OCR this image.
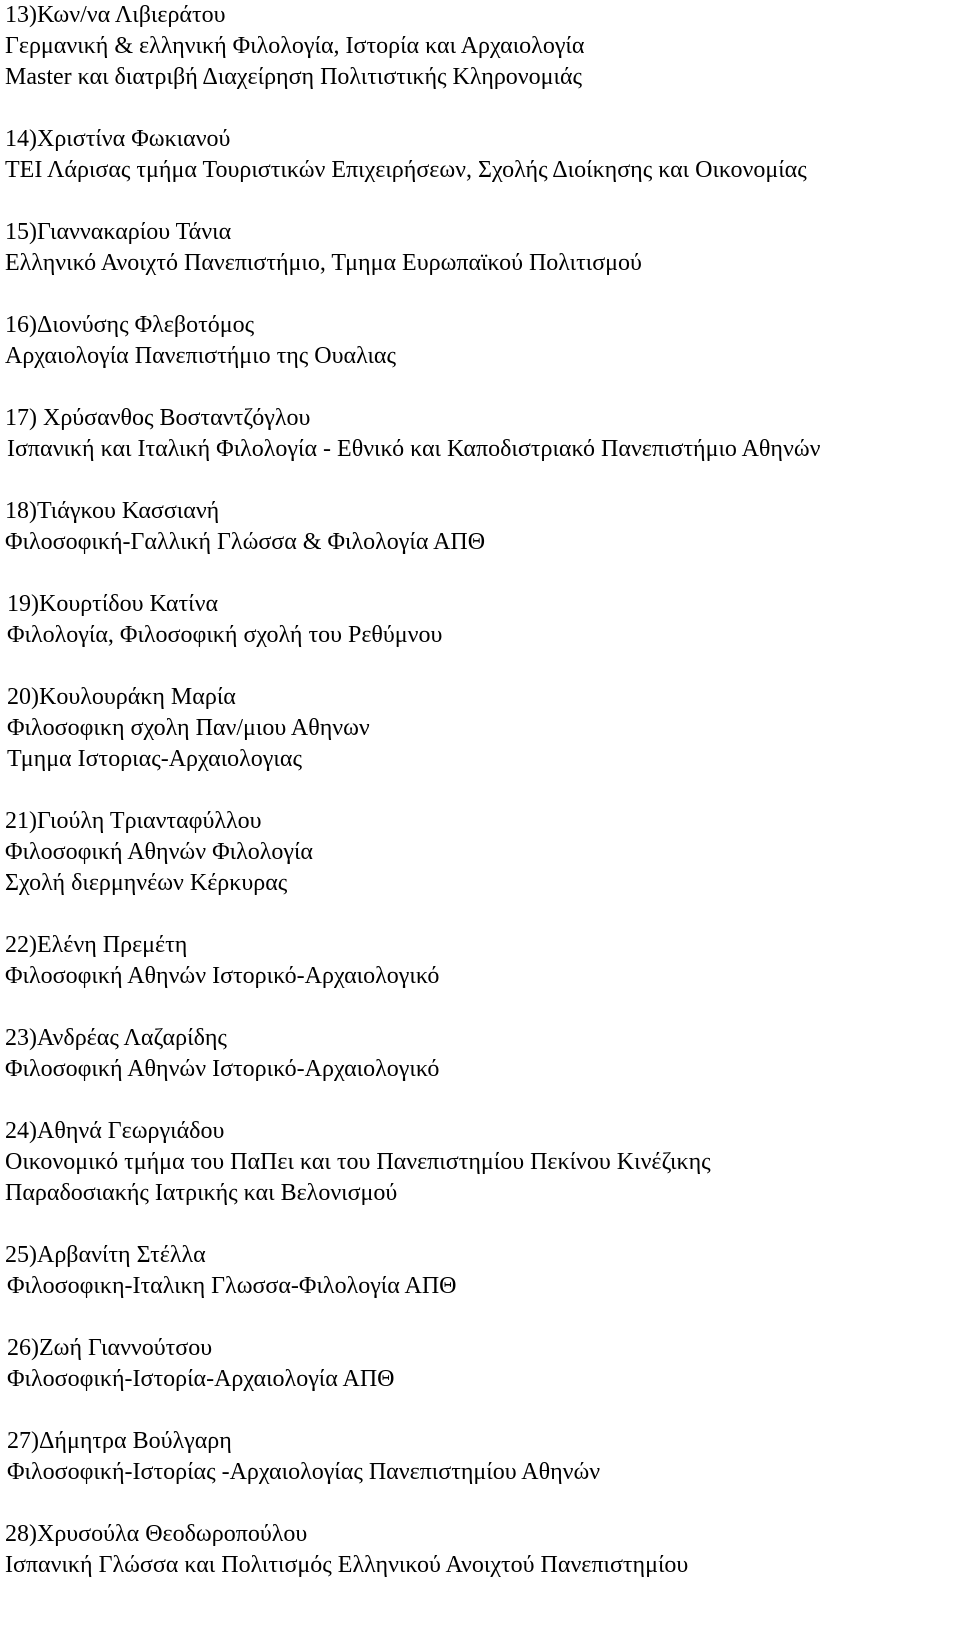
13)Κων/να Λιβιεράτου
Γερμανική & ελληνική Φιλολογία, Ιστορία και Αρχαιολογία
Master και διατριβή Διαχείρηση Πολιτιστικής Κληρονομιάς
14)Χριστίνα Φωκιανού
ΤΕΙ Λάρισας τμήμα Τουριστικών Επιχειρήσεων, Σχολής Διοίκησης και Οικονομίας
15)Γιαννακαρίου Τάνια
Ελληνικό Ανοιχτό Πανεπιστήμιο, Τμημα Ευρωπαϊκού Πολιτισμού
16)Διονύσης Φλεβοτόμος
Αρχαιολογία Πανεπιστήμιο της Ουαλιας
17) Χρύσανθος Βοσταντζόγλου
Ισπανική και Ιταλική Φιλολογία - Εθνικό και Καποδιστριακό Πανεπιστήμιο Αθηνών
18)Τιάγκου Κασσιανή
Φιλοσοφική-Γαλλική Γλώσσα & Φιλολογία ΑΠΘ
19)Κουρτίδου Κατίνα
Φιλολογία, Φιλοσοφική σχολή του Ρεθύμνου
20)Κουλουράκη Μαρία
Φιλοσοφικη σχολη Παν/μιου Αθηνων
Τμημα Ιστοριας-Αρχαιολογιας
21)Γιούλη Τριανταφύλλου
Φιλοσοφική Αθηνών Φιλολογία
Σχολή διερμηνέων Κέρκυρας
22)Ελένη Πρεμέτη
Φιλοσοφική Αθηνών Ιστορικό-Αρχαιολογικό
23)Ανδρέας Λαζαρίδης
Φιλοσοφική Αθηνών Ιστορικό-Αρχαιολογικό
24)Αθηνά Γεωργιάδου
Οικονομικό τμήμα του ΠαΠει και του Πανεπιστημίου Πεκίνου Κινέζικης
Παραδοσιακής Ιατρικής και Βελονισμού
25)Αρβανίτη Στέλλα
Φιλοσοφικη-Ιταλικη Γλωσσα-Φιλολογία ΑΠΘ
26)Ζωή Γιαννούτσου
Φιλοσοφική-Ιστορία-Αρχαιολογία ΑΠΘ
27)Δήμητρα Βούλγαρη
Φιλοσοφική-Ιστορίας -Αρχαιολογίας Πανεπιστημίου Αθηνών
28)Χρυσούλα Θεοδωροπούλου
Ισπανική Γλώσσα και Πολιτισμός Ελληνικού Ανοιχτού Πανεπιστημίου
